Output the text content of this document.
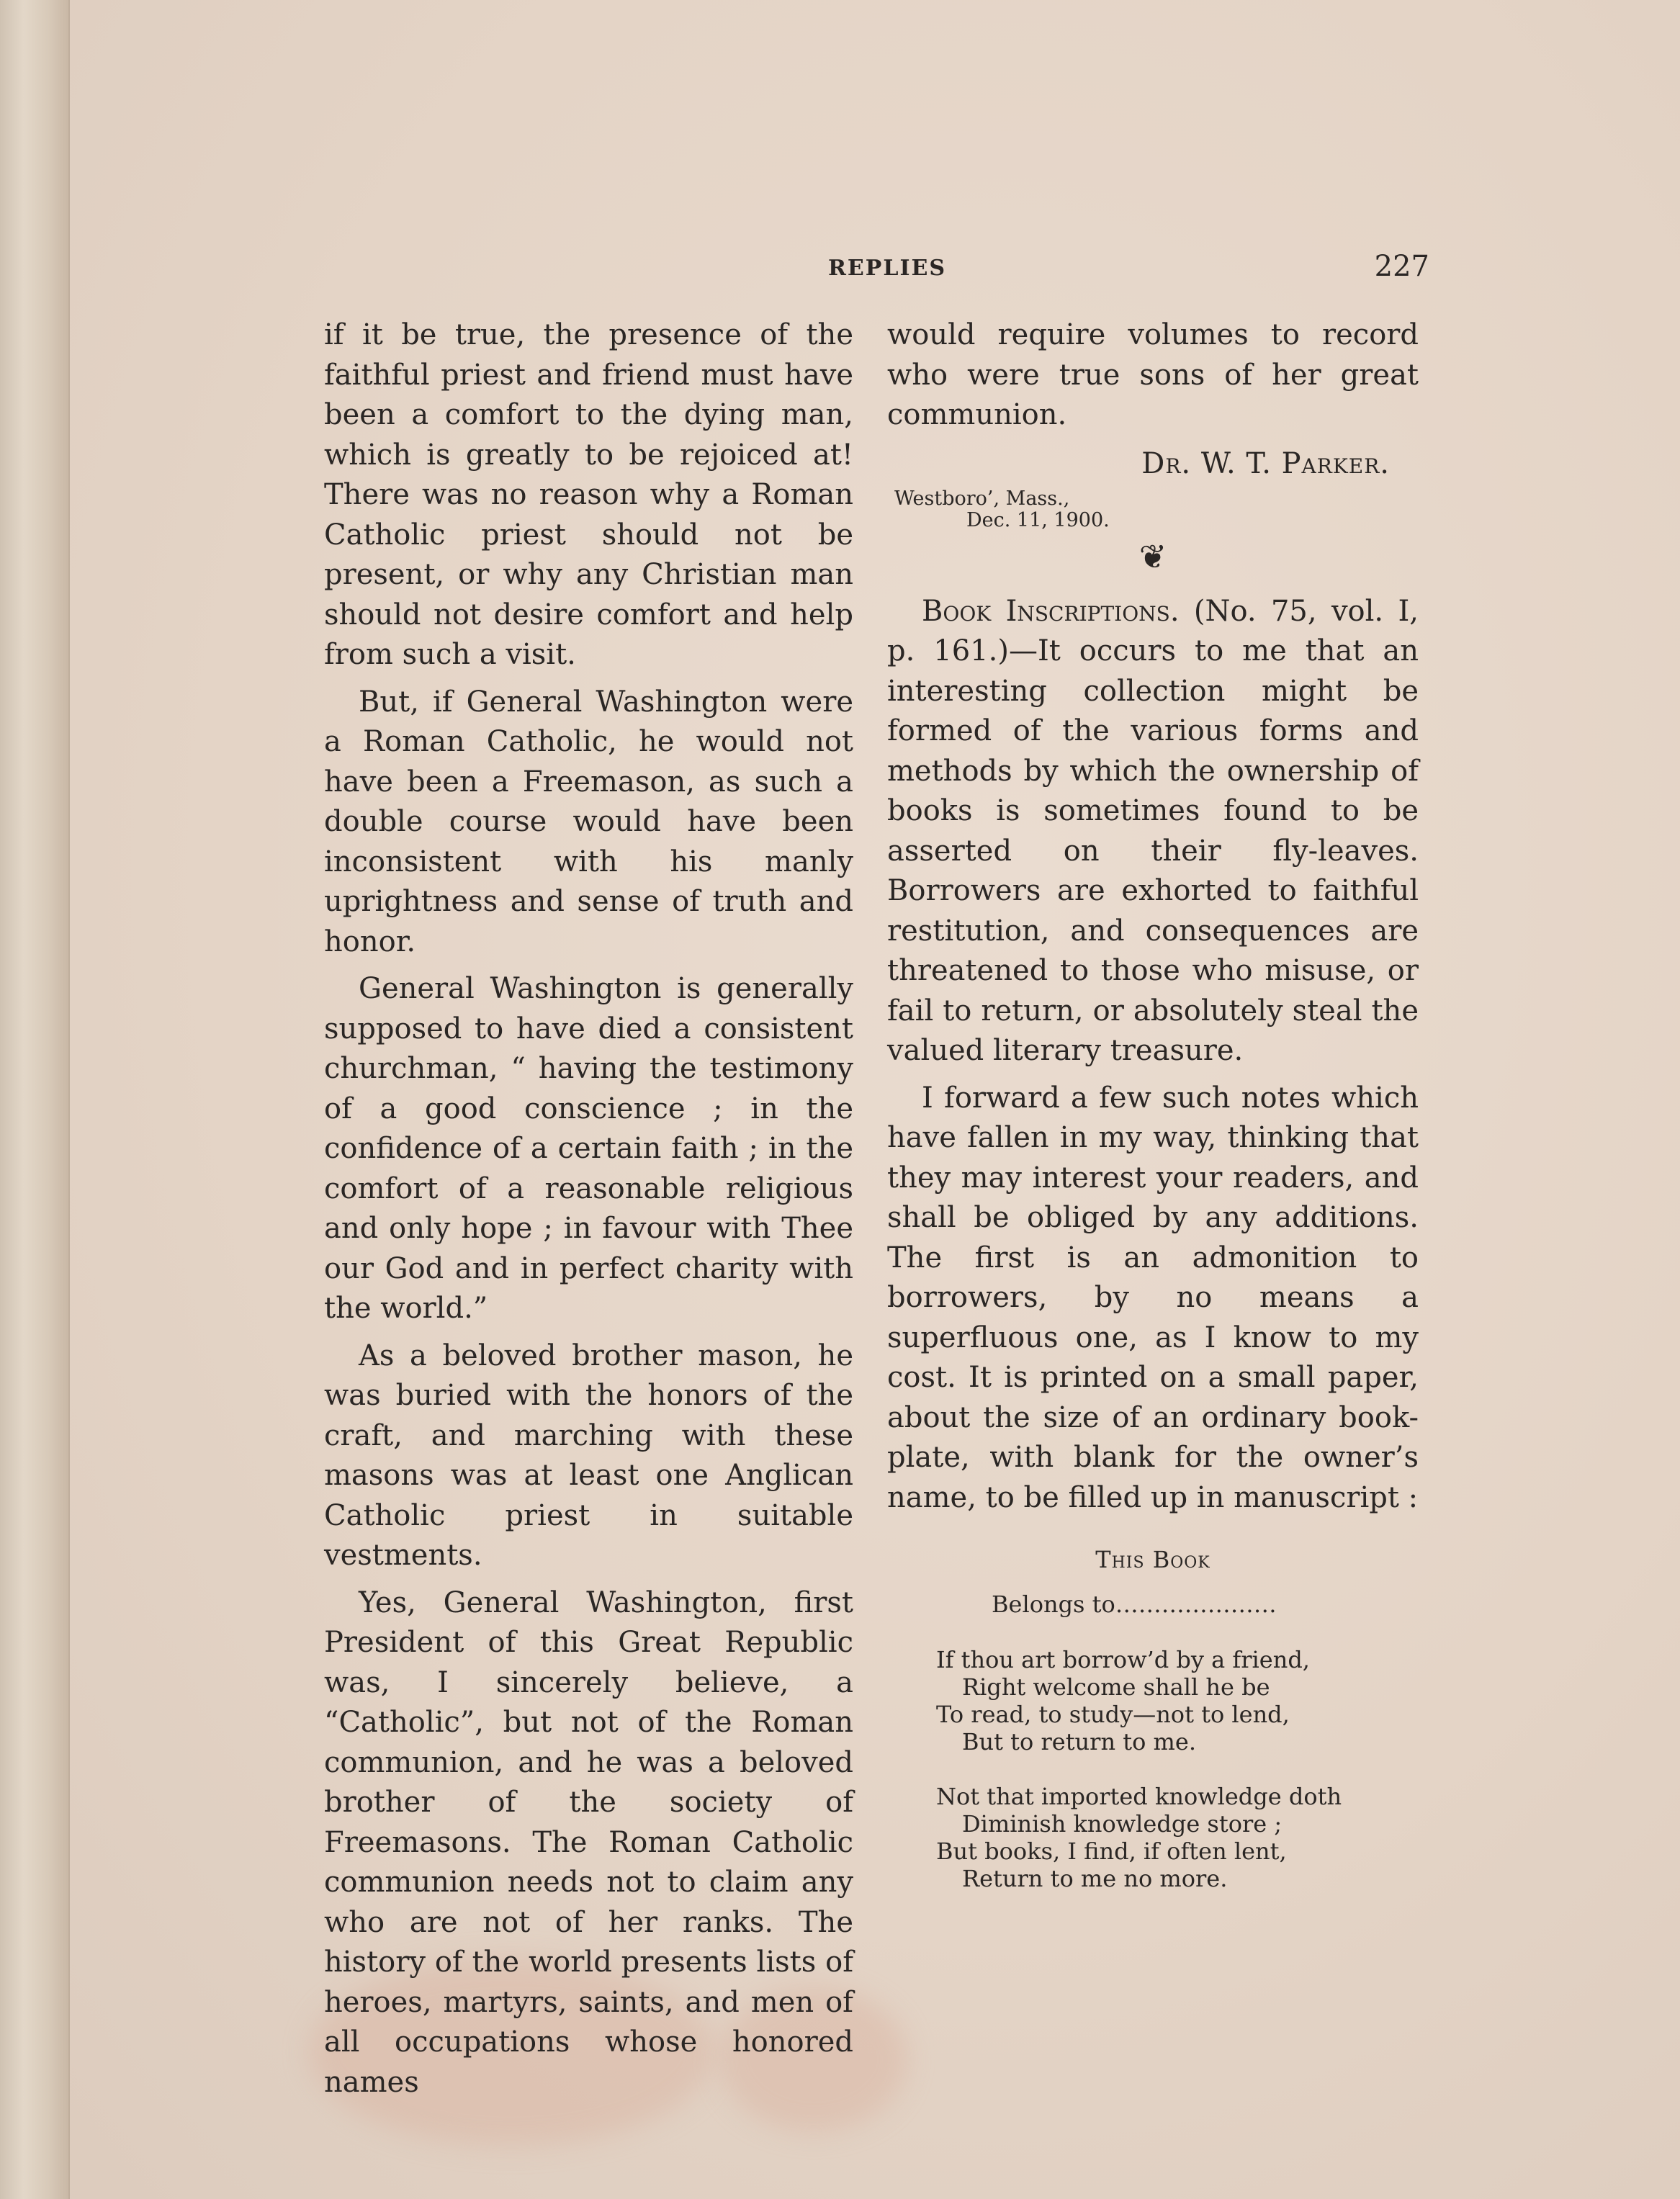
REPLIES	227

if it be true, the presence of the faithful priest and friend must have been a comfort to the dying man, which is greatly to be rejoiced at! There was no reason why a Roman Catholic priest should not be present, or why any Christian man should not desire comfort and help from such a visit.

But, if General Washington were a Roman Catholic, he would not have been a Freemason, as such a double course would have been inconsistent with his manly uprightness and sense of truth and honor.

General Washington is generally supposed to have died a consistent churchman, “ having the testimony of a good conscience ; in the confidence of a certain faith ; in the comfort of a reasonable religious and only hope ; in favour with Thee our God and in perfect charity with the world.”

As a beloved brother mason, he was buried with the honors of the craft, and marching with these masons was at least one Anglican Catholic priest in suitable vestments.

Yes, General Washington, first President of this Great Republic was, I sincerely believe, a “Catholic”, but not of the Roman communion, and he was a beloved brother of the society of Freemasons. The Roman Catholic communion needs not to claim any who are not of her ranks. The history of the world presents lists of heroes, martyrs, saints, and men of all occupations whose honored names

would require volumes to record who were true sons of her great communion.

Dr. W. T. Parker.
Westboro’, Mass.,
Dec. 11, 1900.
❦

Book Inscriptions. (No. 75, vol. I, p. 161.)—It occurs to me that an interesting collection might be formed of the various forms and methods by which the ownership of books is sometimes found to be asserted on their fly-leaves. Borrowers are exhorted to faithful restitution, and consequences are threatened to those who misuse, or fail to return, or absolutely steal the valued literary treasure.

I forward a few such notes which have fallen in my way, thinking that they may interest your readers, and shall be obliged by any additions. The first is an admonition to borrowers, by no means a superfluous one, as I know to my cost. It is printed on a small paper, about the size of an ordinary book-plate, with blank for the owner’s name, to be filled up in manuscript :

This Book
Belongs to…………………
If thou art borrow’d by a friend,
Right welcome shall he be
To read, to study—not to lend,
But to return to me.
Not that imported knowledge doth
Diminish knowledge store ;
But books, I find, if often lent,
Return to me no more.
